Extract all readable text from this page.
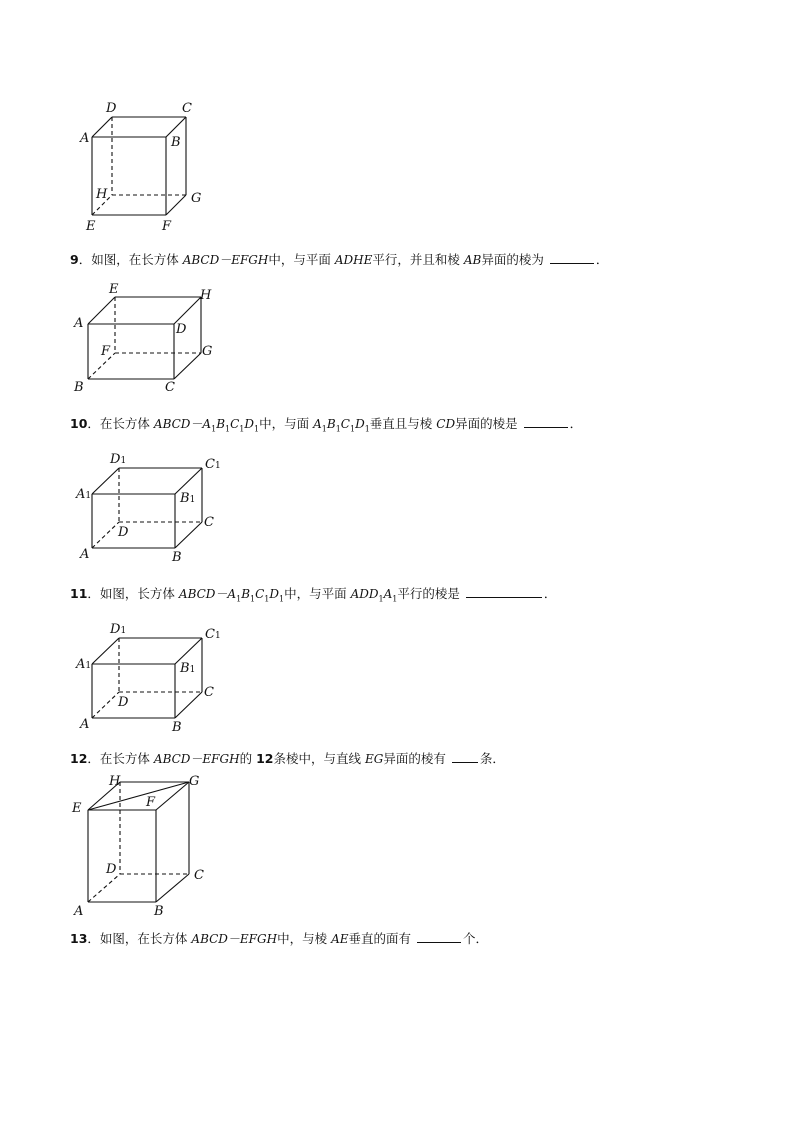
D	C
A	B
H	G
E	F
9．如图，在长方体 ABCD－EFGH中，与平面 ADHE平行，并且和棱 AB异面的棱为	．
E	H
A	D
F	G
B	C
10．在长方体 $ABCD-A_1B_1C_1D_1$中，与面 $A_1B_1C_1D_1$垂直且与棱 CD异面的棱是	．
D1	C1
A1	B1
C
D
A	B
11．如图，长方体 $ABCD-A_1B_1C_1D_1$中，与平面 $ADD_1A_1$平行的棱是	．
D1	C1
A1	B1
C
D
A	B
12．在长方体 ABCD－EFGH的 12条棱中，与直线 EG异面的棱有	条．
H	G
E	F
D	C
A	B
13．如图，在长方体 ABCD－EFGH中，与棱 AE垂直的面有	个．
